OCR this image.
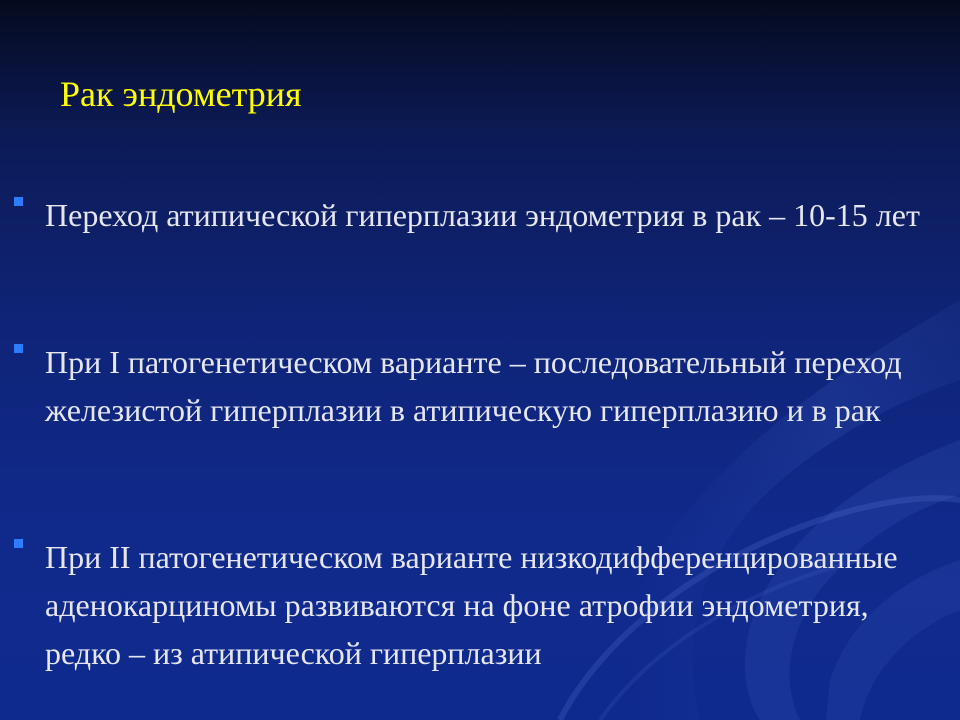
Рак эндометрия
Переход атипической гиперплазии эндометрия в рак – 10-15 лет
При I патогенетическом варианте – последовательный переход железистой гиперплазии в атипическую гиперплазию и в рак
При II патогенетическом варианте низкодифференцированные аденокарциномы развиваются на фоне атрофии эндометрия, редко – из атипической гиперплазии
